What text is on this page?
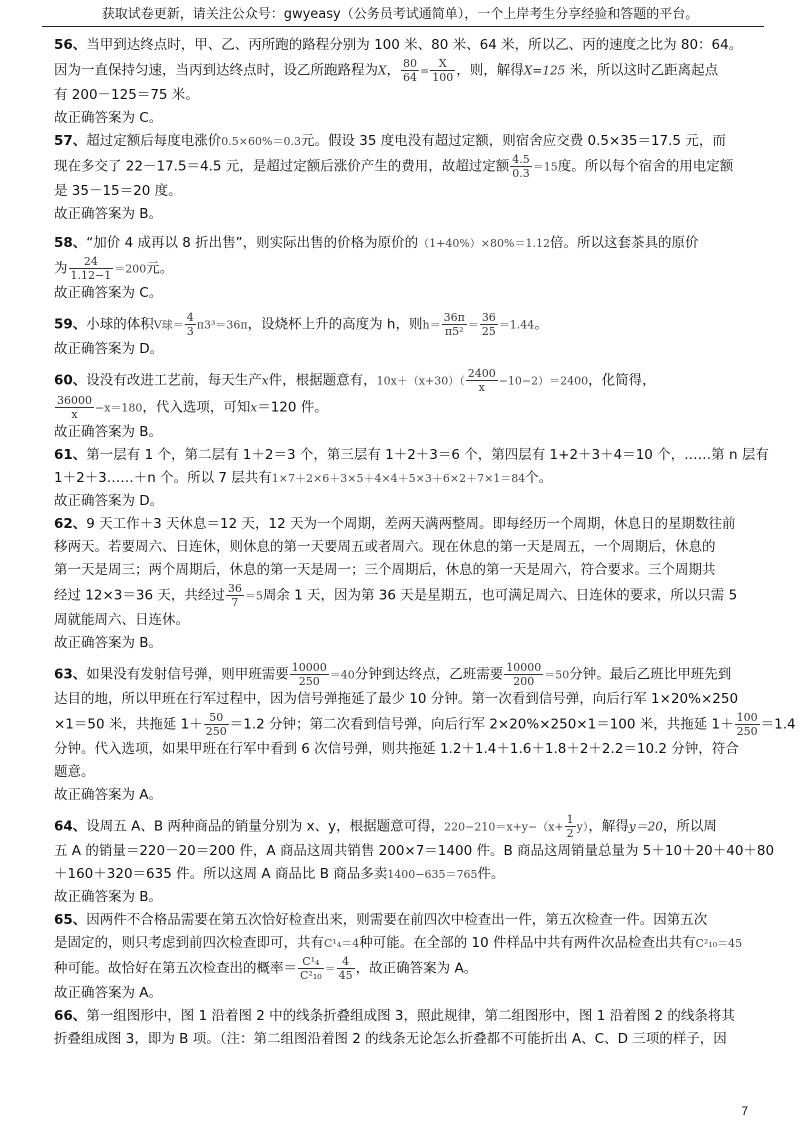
获取试卷更新，请关注公众号：gwyeasy（公务员考试通简单），一个上岸考生分享经验和答题的平台。
56、当甲到达终点时，甲、乙、丙所跑的路程分别为 100 米、80 米、64 米，所以乙、丙的速度之比为 80：64。
因为一直保持匀速，当丙到达终点时，设乙所跑路程为X， $\frac{80}{64} = \frac{X}{100}$ ，则，解得X=125 米，所以这时乙距离起点
有 200－125＝75 米。
故正确答案为 C。
57、超过定额后每度电涨价0.5×60%＝0.3元。假设 35 度电没有超过定额，则宿舍应交费 0.5×35＝17.5 元，而
现在多交了 22－17.5＝4.5 元，是超过定额后涨价产生的费用，故超过定额 $\frac{4.5}{0.3} =15$度。所以每个宿舍的用电定额
是 35－15＝20 度。
故正确答案为 B。
58、“加价 4 成再以 8 折出售”，则实际出售的价格为原价的（1+40%）×80%＝1.12倍。所以这套茶具的原价
为 $\frac{24}{1.12-1} =200$元。
故正确答案为 C。
59、小球的体积V球＝ $\frac{4}{3} \pi 3^3=36\pi$，设烧杯上升的高度为 h，则$h= \frac{36\pi}{\text{π5²}} = \frac{36}{25} =1.44$。
故正确答案为 D。
60、设没有改进工艺前，每天生产x件，根据题意有，$10x+(x+30)( \frac{2400}{x} -10-2)=2400$，化简得，
$\frac{36000}{x} -x=180$，代入选项，可知x＝120 件。
故正确答案为 B。
61、第一层有 1 个，第二层有 1＋2＝3 个，第三层有 1＋2＋3＝6 个，第四层有 1+2＋3＋4＝10 个，……第 n 层有
1＋2＋3……＋n 个。所以 7 层共有1×7＋2×6＋3×5＋4×4＋5×3＋6×2＋7×1＝84个。
故正确答案为 D。
62、9 天工作＋3 天休息＝12 天，12 天为一个周期，差两天满两整周。即每经历一个周期，休息日的星期数往前
移两天。若要周六、日连休，则休息的第一天要周五或者周六。现在休息的第一天是周五，一个周期后，休息的
第一天是周三；两个周期后，休息的第一天是周一；三个周期后，休息的第一天是周六，符合要求。三个周期共
经过 12×3＝36 天，共经过 $\frac{36}{7} =5$周余 1 天，因为第 36 天是星期五，也可满足周六、日连休的要求，所以只需 5
周就能周六、日连休。
故正确答案为 B。
63、如果没有发射信号弹，则甲班需要 $\frac{10000}{250} =40$分钟到达终点，乙班需要 $\frac{10000}{200} =50$分钟。最后乙班比甲班先到
达目的地，所以甲班在行军过程中，因为信号弹拖延了最少 10 分钟。第一次看到信号弹，向后行军 1×20%×250
×1＝50 米，共拖延 $1+ \frac{50}{250} =1.2$ 分钟；第二次看到信号弹，向后行军 2×20%×250×1＝100 米，共拖延 $1+ \frac{100}{250} =1.4$
分钟。代入选项，如果甲班在行军中看到 6 次信号弹，则共拖延 1.2＋1.4＋1.6＋1.8＋2＋2.2＝10.2 分钟，符合
题意。
故正确答案为 A。
64、设周五 A、B 两种商品的销量分别为 x、y，根据题意可得，$220-210=x+y-(x+ \frac{1}{2} y)$，解得y＝20，所以周
五 A 的销量＝220－20＝200 件，A 商品这周共销售 200×7＝1400 件。B 商品这周销量总量为 5＋10＋20＋40＋80
＋160＋320＝635 件。所以这周 A 商品比 B 商品多卖1400−635＝765件。
故正确答案为 B。
65、因两件不合格品需要在第五次恰好检查出来，则需要在前四次中检查出一件，第五次检查一件。因第五次
是固定的，则只考虑到前四次检查即可，共有C¹₄＝4种可能。在全部的 10 件样品中共有两件次品检查出共有C²₁₀＝45
种可能。故恰好在第五次检查出的概率＝ $\frac{\text{C¹₄}}{\text{C²₁₀}} = \frac{4}{45}$ ，故正确答案为 A。
故正确答案为 A。
66、第一组图形中，图 1 沿着图 2 中的线条折叠组成图 3，照此规律，第二组图形中，图 1 沿着图 2 的线条将其
折叠组成图 3，即为 B 项。（注：第二组图沿着图 2 的线条无论怎么折叠都不可能折出 A、C、D 三项的样子，因
7
